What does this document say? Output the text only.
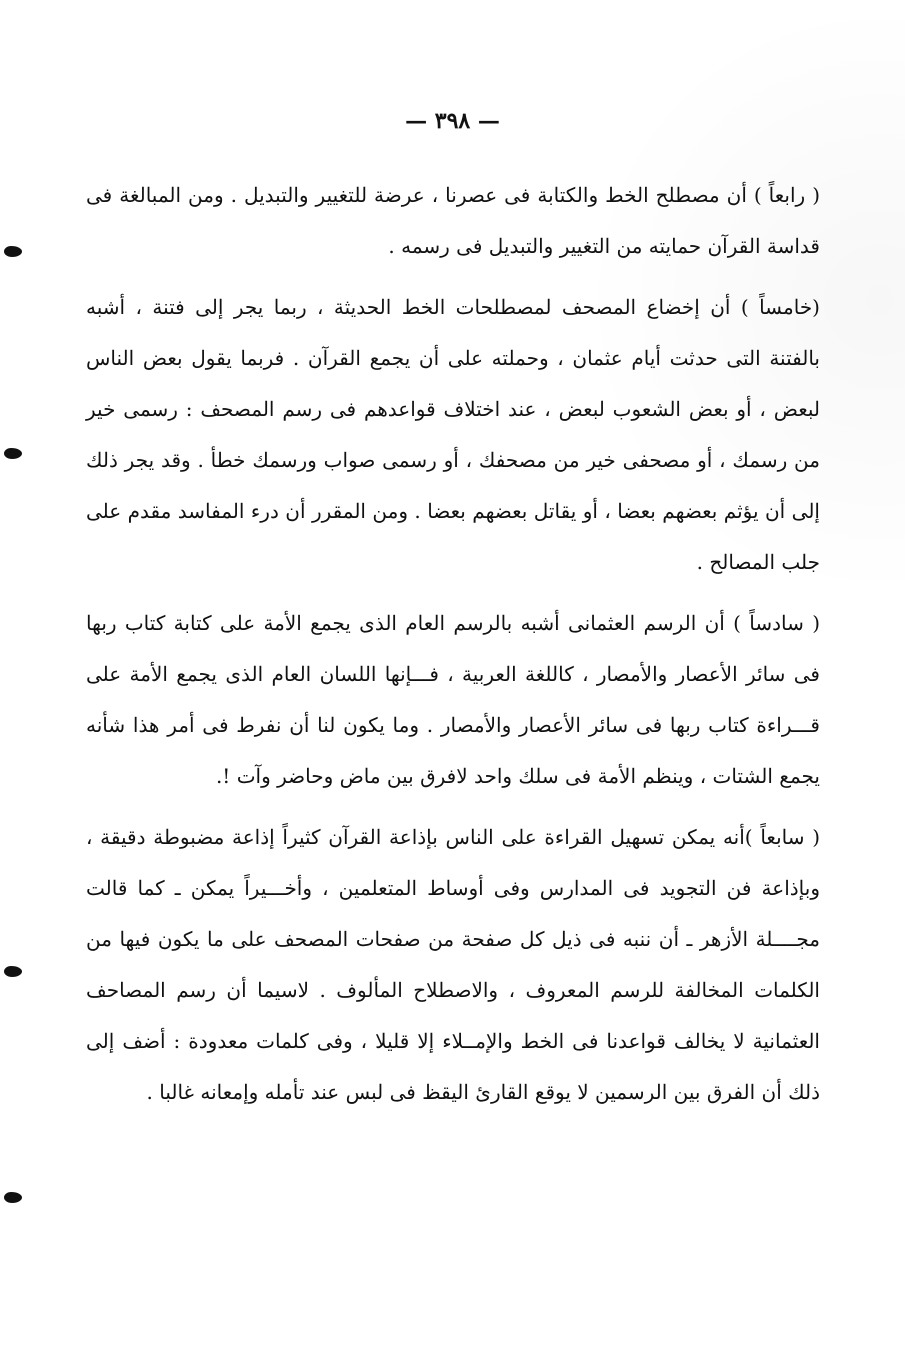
— ٣٩٨ —

( رابعاً ) أن مصطلح الخط والكتابة فى عصرنا ، عرضة للتغيير والتبديل . ومن المبالغة فى قداسة القرآن حمايته من التغيير والتبديل فى رسمه .

(خامساً ) أن إخضاع المصحف لمصطلحات الخط الحديثة ، ربما يجر إلى فتنة ، أشبه بالفتنة التى حدثت أيام عثمان ، وحملته على أن يجمع القرآن . فربما يقول بعض الناس لبعض ، أو بعض الشعوب لبعض ، عند اختلاف قواعدهم فى رسم المصحف : رسمى خير من رسمك ، أو مصحفى خير من مصحفك ، أو رسمى صواب ورسمك خطأ . وقد يجر ذلك إلى أن يؤثم بعضهم بعضا ، أو يقاتل بعضهم بعضا . ومن المقرر أن درء المفاسد مقدم على جلب المصالح .

( سادساً ) أن الرسم العثمانى أشبه بالرسم العام الذى يجمع الأمة على كتابة كتاب ربها فى سائر الأعصار والأمصار ، كاللغة العربية ، فـــإنها اللسان العام الذى يجمع الأمة على قـــراءة كتاب ربها فى سائر الأعصار والأمصار . وما يكون لنا أن نفرط فى أمر هذا شأنه يجمع الشتات ، وينظم الأمة فى سلك واحد لافرق بين ماض وحاضر وآت !.

( سابعاً )أنه يمكن تسهيل القراءة على الناس بإذاعة القرآن كثيراً إذاعة مضبوطة دقيقة ، وبإذاعة فن التجويد فى المدارس وفى أوساط المتعلمين ، وأخـــيراً يمكن ـ كما قالت مجــــلة الأزهر ـ أن ننبه فى ذيل كل صفحة من صفحات المصحف على ما يكون فيها من الكلمات المخالفة للرسم المعروف ، والاصطلاح المألوف . لاسيما أن رسم المصاحف العثمانية لا يخالف قواعدنا فى الخط والإمــلاء إلا قليلا ، وفى كلمات معدودة : أضف إلى ذلك أن الفرق بين الرسمين لا يوقع القارئ اليقظ فى لبس عند تأمله وإمعانه غالبا .
